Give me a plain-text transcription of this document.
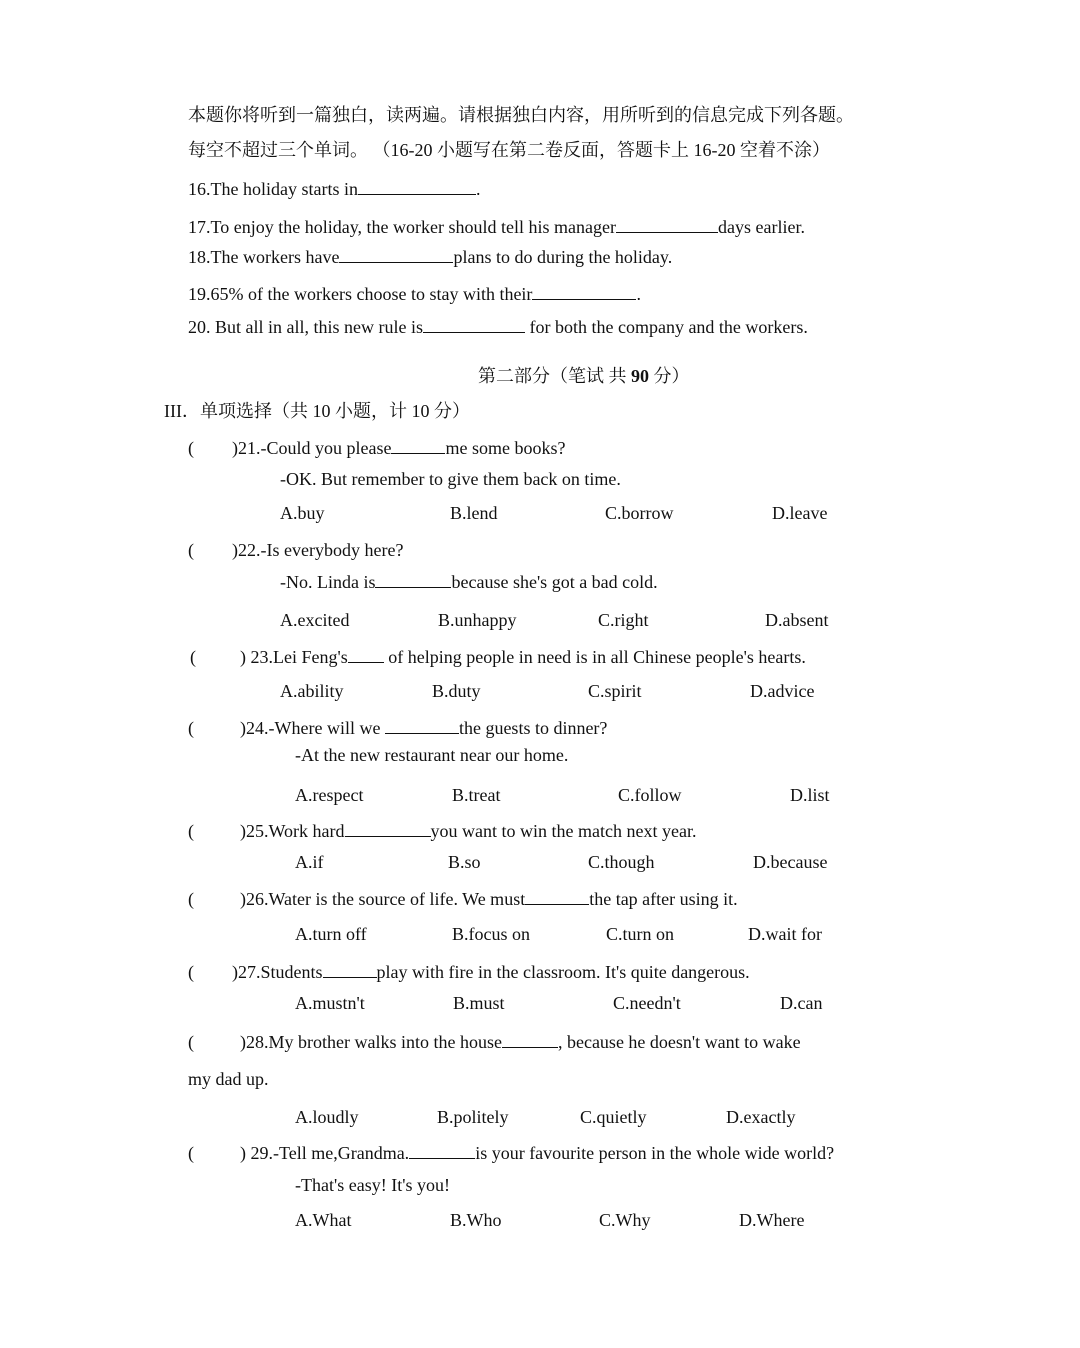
本题你将听到一篇独白，读两遍。请根据独白内容，用所听到的信息完成下列各题。
每空不超过三个单词。 （16-20 小题写在第二卷反面，答题卡上 16-20 空着不涂）
16.The holiday starts in	.
17.To enjoy the holiday, the worker should tell his manager	days earlier.
18.The workers have	plans to do during the holiday.
19.65% of the workers choose to stay with their	.
20. But all in all, this new rule is	for both the company and the workers.
第二部分（笔试 共 90 分）
III．单项选择（共 10 小题，计 10 分）
( )21.-Could you please	me some books?
-OK. But remember to give them back on time.
A.buy	B.lend	C.borrow	D.leave
( )22.-Is everybody here?
-No. Linda is	because she's got a bad cold.
A.excited	B.unhappy	C.right	D.absent
( ) 23.Lei Feng's of helping people in need is in all Chinese people's hearts.
A.ability	B.duty	C.spirit	D.advice
(	)24.-Where will we	the guests to dinner?
-At the new restaurant near our home.
A.respect	B.treat	C.follow	D.list
(	)25.Work hard	you want to win the match next year.
A.if	B.so	C.though	D.because
(	)26.Water is the source of life. We must	the tap after using it.
A.turn off	B.focus on	C.turn on	D.wait for
( )27.Students	play with fire in the classroom. It's quite dangerous.
A.mustn't	B.must	C.needn't	D.can
(	)28.My brother walks into the house	, because he doesn't want to wake
my dad up.
A.loudly	B.politely	C.quietly	D.exactly
(	) 29.-Tell me,Grandma.	is your favourite person in the whole wide world?
-That's easy! It's you!
A.What	B.Who	C.Why	D.Where
